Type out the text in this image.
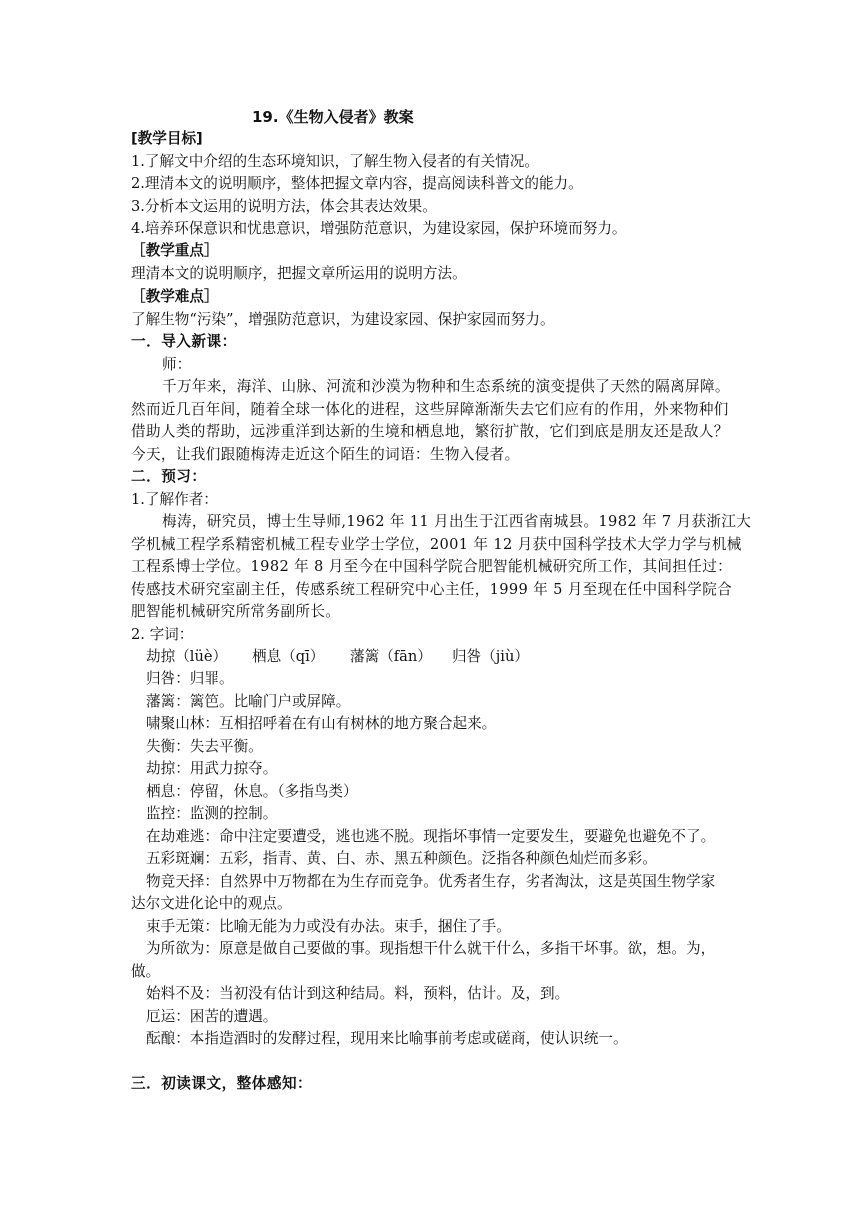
19.《生物入侵者》教案
[教学目标]
1.了解文中介绍的生态环境知识，了解生物入侵者的有关情况。
2.理清本文的说明顺序，整体把握文章内容，提高阅读科普文的能力。
3.分析本文运用的说明方法，体会其表达效果。
4.培养环保意识和忧患意识，增强防范意识，为建设家园，保护环境而努力。
［教学重点］
理清本文的说明顺序，把握文章所运用的说明方法。
［教学难点］
了解生物“污染”，增强防范意识，为建设家园、保护家园而努力。
一．导入新课：
师：
千万年来，海洋、山脉、河流和沙漠为物种和生态系统的演变提供了天然的隔离屏障。
然而近几百年间，随着全球一体化的进程，这些屏障渐渐失去它们应有的作用，外来物种们
借助人类的帮助，远涉重洋到达新的生境和栖息地，繁衍扩散，它们到底是朋友还是敌人？
今天，让我们跟随梅涛走近这个陌生的词语：生物入侵者。
二．预习：
1.了解作者：
梅涛，研究员，博士生导师,1962 年 11 月出生于江西省南城县。1982 年 7 月获浙江大
学机械工程学系精密机械工程专业学士学位，2001 年 12 月获中国科学技术大学力学与机械
工程系博士学位。1982 年 8 月至今在中国科学院合肥智能机械研究所工作，其间担任过：
传感技术研究室副主任，传感系统工程研究中心主任，1999 年 5 月至现在任中国科学院合
肥智能机械研究所常务副所长。
2. 字词：
劫掠（lüè） 栖息（qī） 藩篱（fān） 归咎（jiù）
归咎：归罪。
藩篱：篱笆。比喻门户或屏障。
啸聚山林：互相招呼着在有山有树林的地方聚合起来。
失衡：失去平衡。
劫掠：用武力掠夺。
栖息：停留，休息。（多指鸟类）
监控：监测的控制。
在劫难逃：命中注定要遭受，逃也逃不脱。现指坏事情一定要发生，要避免也避免不了。
五彩斑斓：五彩，指青、黄、白、赤、黑五种颜色。泛指各种颜色灿烂而多彩。
物竞天择：自然界中万物都在为生存而竞争。优秀者生存，劣者淘汰，这是英国生物学家
达尔文进化论中的观点。
束手无策：比喻无能为力或没有办法。束手，捆住了手。
为所欲为：原意是做自己要做的事。现指想干什么就干什么，多指干坏事。欲，想。为，
做。
始料不及：当初没有估计到这种结局。料，预料，估计。及，到。
厄运：困苦的遭遇。
酝酿：本指造酒时的发酵过程，现用来比喻事前考虑或磋商，使认识统一。
三．初读课文，整体感知：
